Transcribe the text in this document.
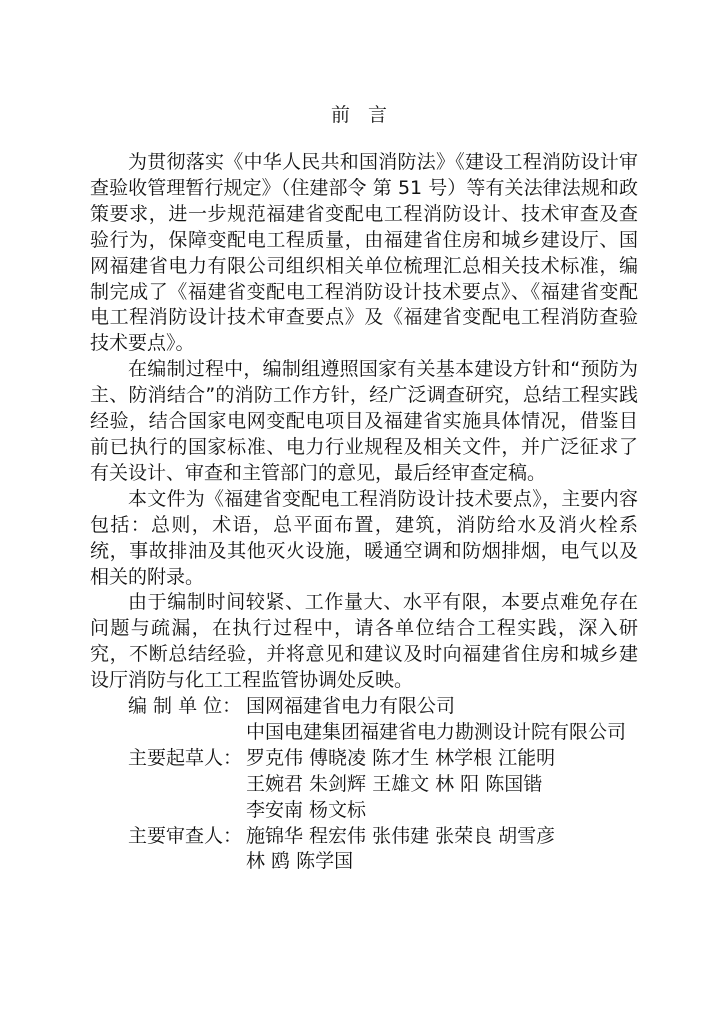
前 言

为贯彻落实《中华人民共和国消防法》《建设工程消防设计审查验收管理暂行规定》（住建部令 第 51 号）等有关法律法规和政策要求，进一步规范福建省变配电工程消防设计、技术审查及查验行为，保障变配电工程质量，由福建省住房和城乡建设厅、国网福建省电力有限公司组织相关单位梳理汇总相关技术标准，编制完成了《福建省变配电工程消防设计技术要点》、《福建省变配电工程消防设计技术审查要点》及《福建省变配电工程消防查验技术要点》。

在编制过程中，编制组遵照国家有关基本建设方针和“预防为主、防消结合”的消防工作方针，经广泛调查研究，总结工程实践经验，结合国家电网变配电项目及福建省实施具体情况，借鉴目前已执行的国家标准、电力行业规程及相关文件，并广泛征求了有关设计、审查和主管部门的意见，最后经审查定稿。

本文件为《福建省变配电工程消防设计技术要点》，主要内容包括：总则，术语，总平面布置，建筑，消防给水及消火栓系统，事故排油及其他灭火设施，暖通空调和防烟排烟，电气以及相关的附录。

由于编制时间较紧、工作量大、水平有限，本要点难免存在问题与疏漏，在执行过程中，请各单位结合工程实践，深入研究，不断总结经验，并将意见和建议及时向福建省住房和城乡建设厅消防与化工工程监管协调处反映。

编 制 单 位： 国网福建省电力有限公司
中国电建集团福建省电力勘测设计院有限公司
主要起草人： 罗克伟 傅晓凌 陈才生 林学根 江能明
王婉君 朱剑辉 王雄文 林 阳 陈国锴
李安南 杨文标
主要审查人： 施锦华 程宏伟 张伟建 张荣良 胡雪彦
林 鸥 陈学国
